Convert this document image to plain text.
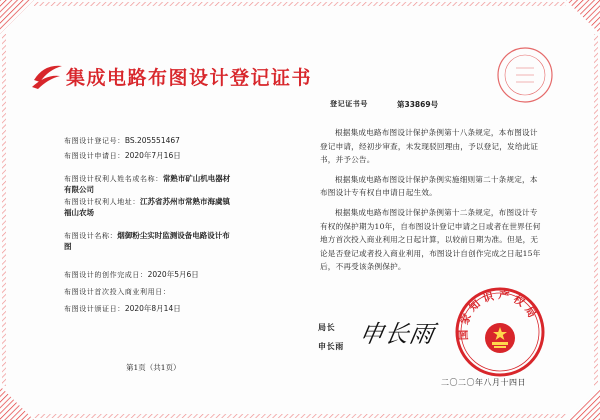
集成电路布图设计登记证书
登记证书号	第33869号
布图设计登记号：BS.205551467
布图设计申请日：2020年7月16日
布图设计权利人姓名或名称：常熟市矿山机电器材
有限公司
布图设计权利人地址：江苏省苏州市常熟市海虞镇
福山农场
布图设计名称：烟御粉尘实时监测设备电路设计布
图
布图设计的创作完成日：2020年5月6日
布图设计首次投入商业利用日：
布图设计颁证日：2020年8月14日

根据集成电路布图设计保护条例第十八条规定，本布图设计登记申请，经初步审查，未发现驳回理由，予以登记，发给此证书，并予公告。

根据集成电路布图设计保护条例实施细则第二十条规定，本布图设计专有权自申请日起生效。

根据集成电路布图设计保护条例第十二条规定，布图设计专有权的保护期为10年，自布图设计登记申请之日或者在世界任何地方首次投入商业利用之日起计算，以较前日期为准。但是，无论是否登记或者投入商业利用，布图设计自创作完成之日起15年后，不再受该条例保护。

局长
申长雨 申长雨 国家知识产权局
第1页（共1页）
二〇二〇年八月十四日
